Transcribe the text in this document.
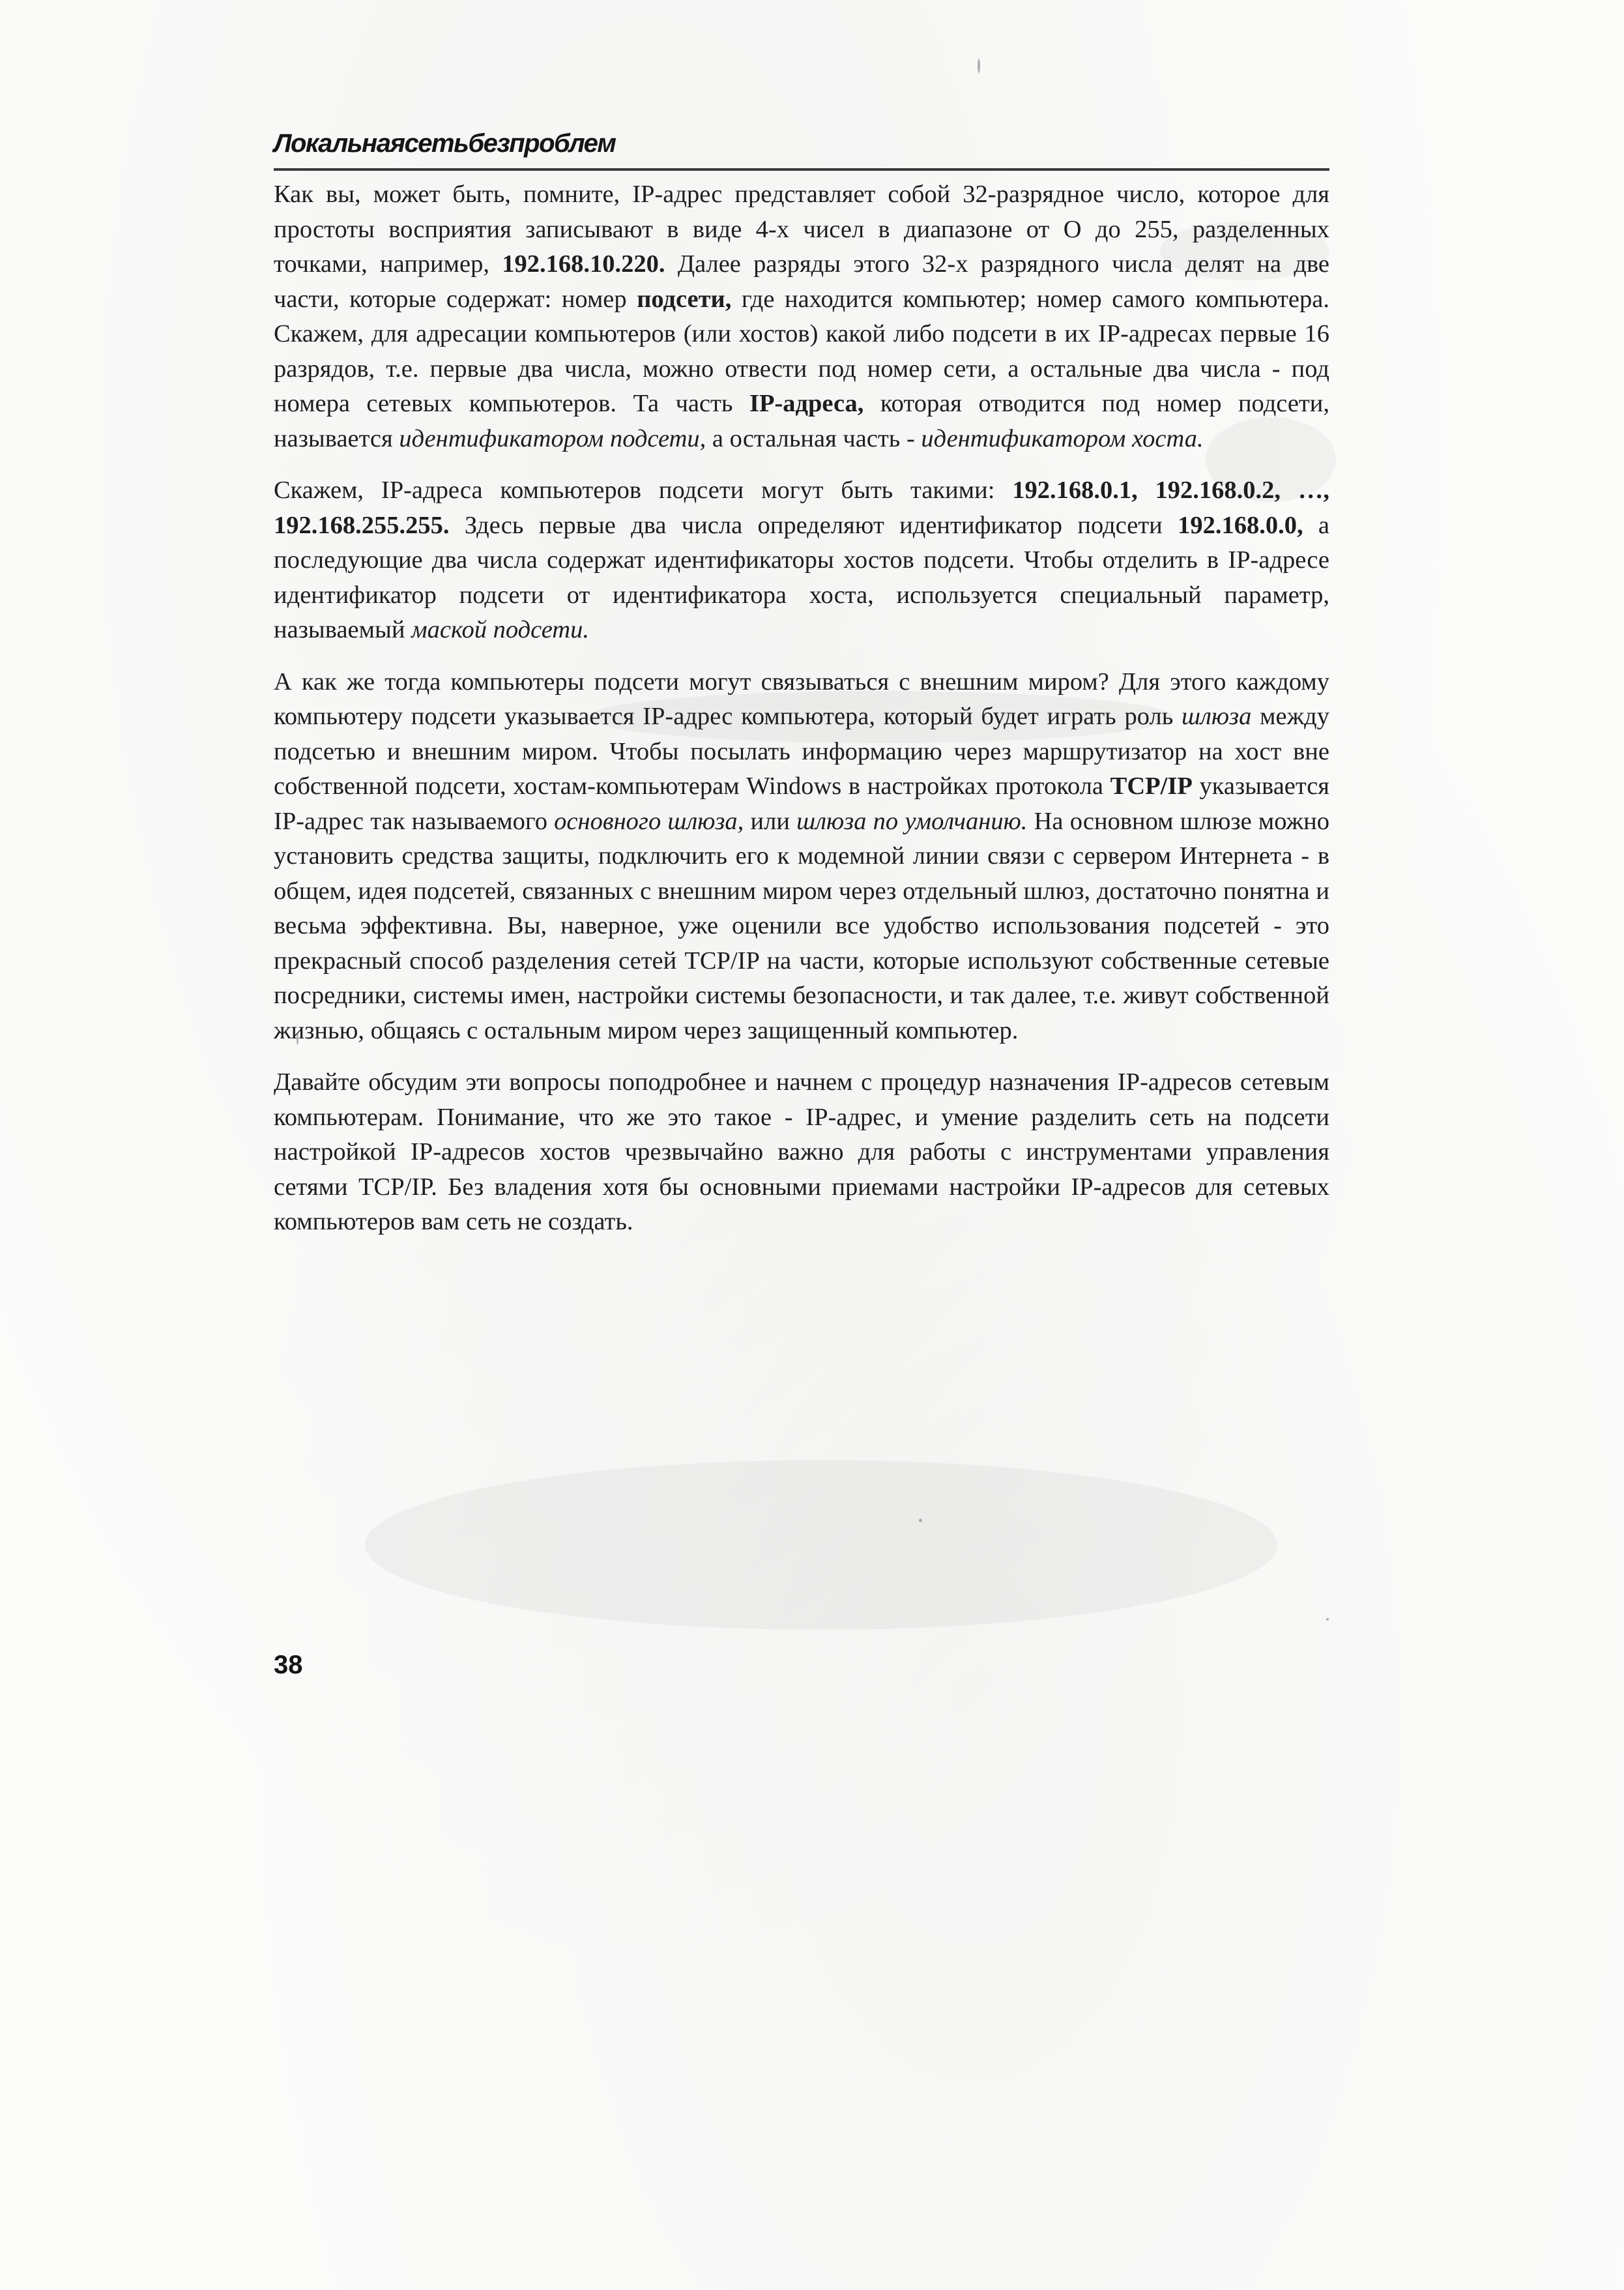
Локальнаясетьбезпроблем

Как вы, может быть, помните, IP-адрес представляет собой 32-разрядное число, которое для простоты восприятия записывают в виде 4-х чисел в диапазоне от О до 255, разделенных точками, например, 192.168.10.220. Далее разряды этого 32-х разрядного числа делят на две части, которые содержат: номер подсети, где находится компьютер; номер самого компьютера. Скажем, для адресации компьютеров (или хостов) какой либо подсети в их IP-адресах первые 16 разрядов, т.е. первые два числа, можно отвести под номер сети, а остальные два числа - под номера сетевых компьютеров. Та часть IP-адреса, которая отводится под номер подсети, называется идентификатором подсети, а остальная часть - идентификатором хоста.

Скажем, IP-адреса компьютеров подсети могут быть такими: 192.168.0.1, 192.168.0.2, …, 192.168.255.255. Здесь первые два числа определяют идентификатор подсети 192.168.0.0, а последующие два числа содержат идентификаторы хостов подсети. Чтобы отделить в IP-адресе идентификатор подсети от идентификатора хоста, используется специальный параметр, называемый маской подсети.

А как же тогда компьютеры подсети могут связываться с внешним миром? Для этого каждому компьютеру подсети указывается IP-адрес компьютера, который будет играть роль шлюза между подсетью и внешним миром. Чтобы посылать информацию через маршрутизатор на хост вне собственной подсети, хостам-компьютерам Windows в настройках протокола TCP/IP указывается IP-адрес так называемого основного шлюза, или шлюза по умолчанию. На основном шлюзе можно установить средства защиты, подключить его к модемной линии связи с сервером Интернета - в общем, идея подсетей, связанных с внешним миром через отдельный шлюз, достаточно понятна и весьма эффективна. Вы, наверное, уже оценили все удобство использования подсетей - это прекрасный способ разделения сетей TCP/IP на части, которые используют собственные сетевые посредники, системы имен, настройки системы безопасности, и так далее, т.е. живут собственной жизнью, общаясь с остальным миром через защищенный компьютер.

Давайте обсудим эти вопросы поподробнее и начнем с процедур назначения IP-адресов сетевым компьютерам. Понимание, что же это такое - IP-адрес, и умение разделить сеть на подсети настройкой IP-адресов хостов чрезвычайно важно для работы с инструментами управления сетями TCP/IP. Без владения хотя бы основными приемами настройки IP-адресов для сетевых компьютеров вам сеть не создать.

38
